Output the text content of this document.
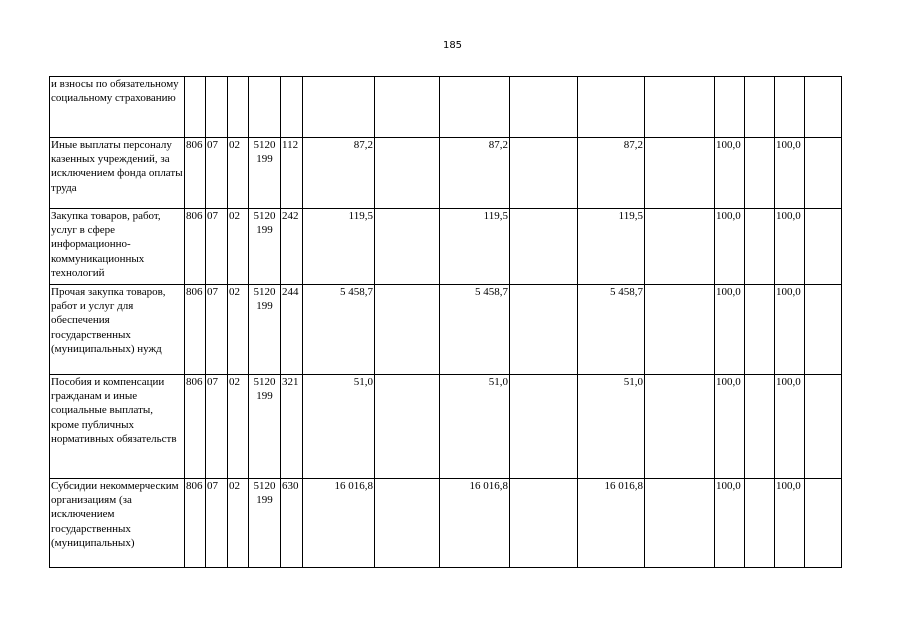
185
и взносы по обязательному социальному страхованию															
Иные выплаты персоналу казенных учреждений, за исключением фонда оплаты труда	806	07	02	5120 199	112	87,2		87,2		87,2		100,0		100,0	
Закупка товаров, работ, услуг в сфере информационно-коммуникационных технологий	806	07	02	5120 199	242	119,5		119,5		119,5		100,0		100,0	
Прочая закупка товаров, работ и услуг для обеспечения государственных (муниципальных) нужд	806	07	02	5120 199	244	5 458,7		5 458,7		5 458,7		100,0		100,0	
Пособия и компенсации гражданам и иные социальные выплаты, кроме публичных нормативных обязательств	806	07	02	5120 199	321	51,0		51,0		51,0		100,0		100,0	
Субсидии некоммерческим организациям (за исключением государственных (муниципальных)	806	07	02	5120 199	630	16 016,8		16 016,8		16 016,8		100,0		100,0	
